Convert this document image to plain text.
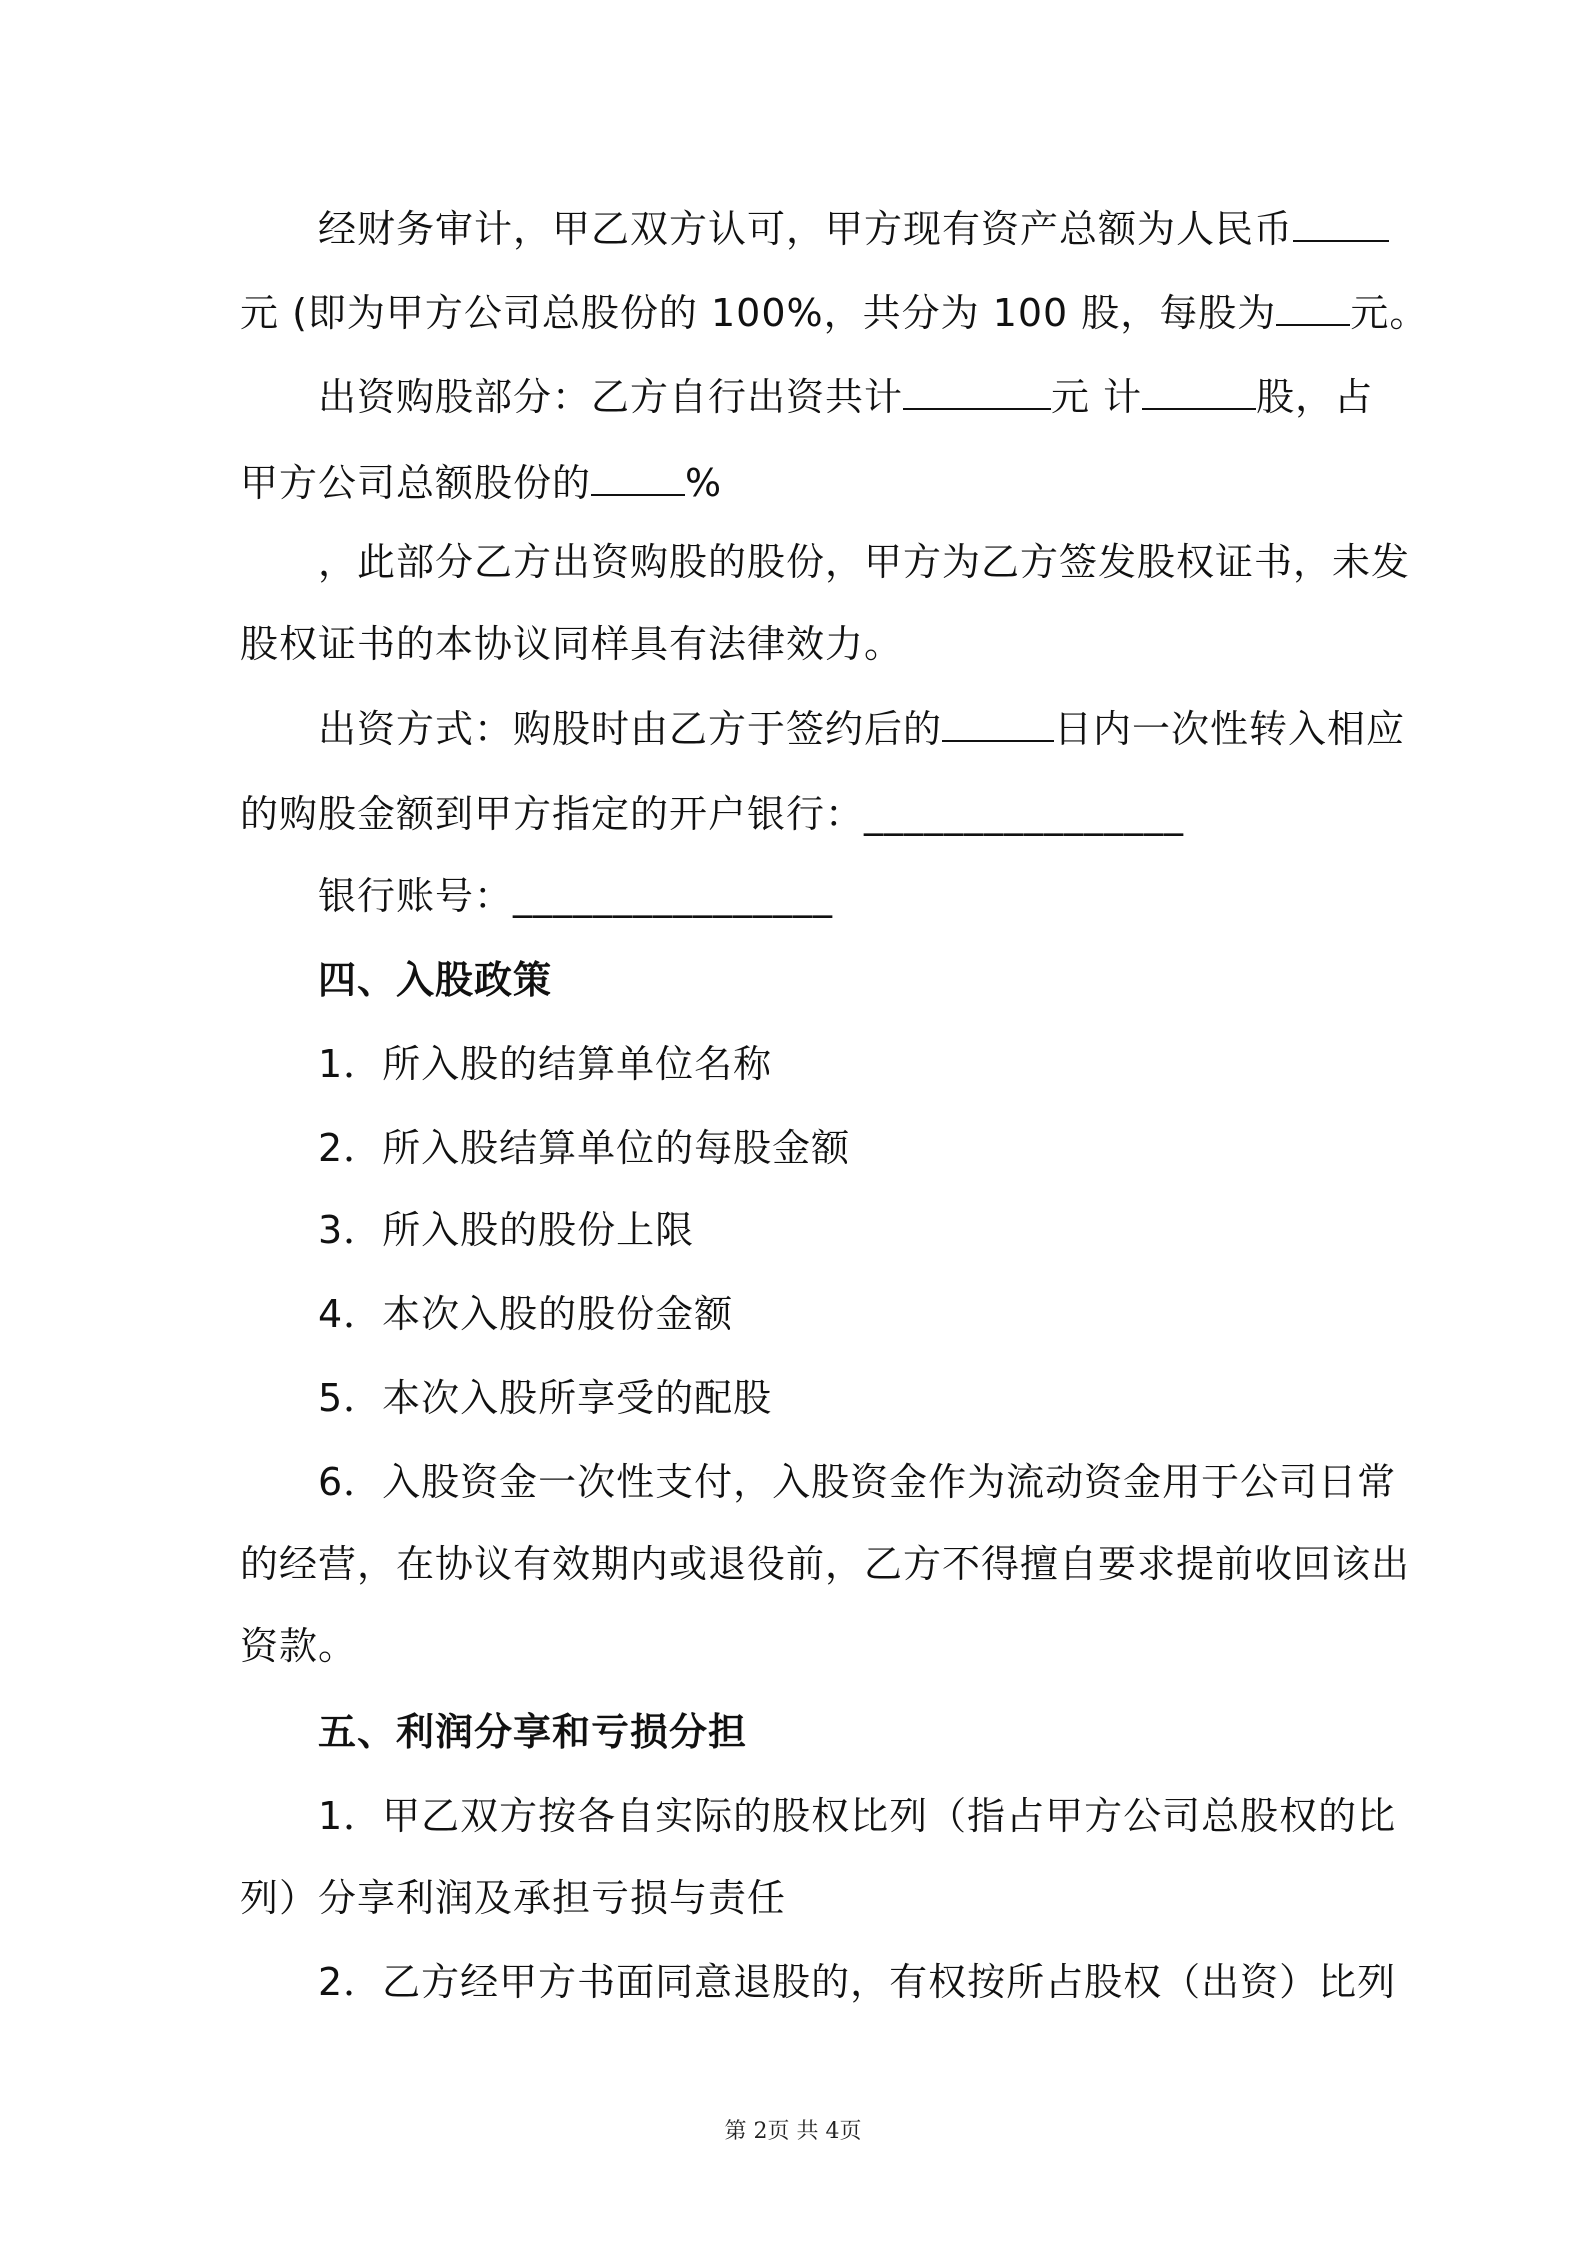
经财务审计，甲乙双方认可，甲方现有资产总额为人民币
元 (即为甲方公司总股份的 100%，共分为 100 股，每股为 元。
出资购股部分：乙方自行出资共计	元 计	股，占
甲方公司总额股份的 %
，此部分乙方出资购股的股份，甲方为乙方签发股权证书，未发
股权证书的本协议同样具有法律效力。
出资方式：购股时由乙方于签约后的	日内一次性转入相应
的购股金额到甲方指定的开户银行：________________
银行账号：________________
四、入股政策
1．所入股的结算单位名称
2．所入股结算单位的每股金额
3．所入股的股份上限
4．本次入股的股份金额
5．本次入股所享受的配股
6．入股资金一次性支付，入股资金作为流动资金用于公司日常
的经营，在协议有效期内或退役前，乙方不得擅自要求提前收回该出
资款。
五、利润分享和亏损分担
1．甲乙双方按各自实际的股权比列（指占甲方公司总股权的比
列）分享利润及承担亏损与责任
2．乙方经甲方书面同意退股的，有权按所占股权（出资）比列
第 2页 共 4页
